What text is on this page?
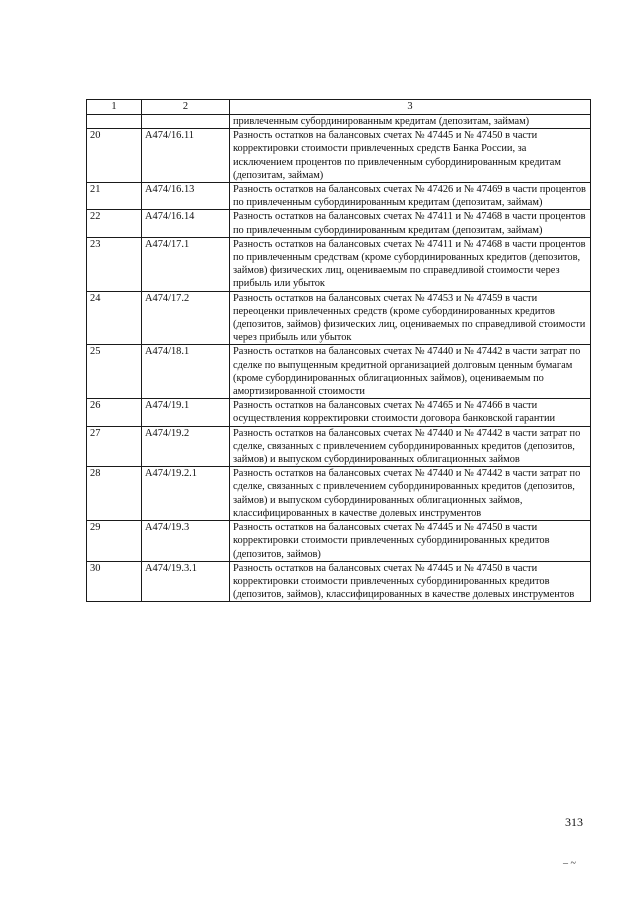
1	2	3
		привлеченным субординированным кредитам (депозитам, займам)
20	А474/16.11	Разность остатков на балансовых счетах № 47445 и № 47450 в части корректировки стоимости привлеченных средств Банка России, за исключением процентов по привлеченным субординированным кредитам (депозитам, займам)
21	А474/16.13	Разность остатков на балансовых счетах № 47426 и № 47469 в части процентов по привлеченным субординированным кредитам (депозитам, займам)
22	А474/16.14	Разность остатков на балансовых счетах № 47411 и № 47468 в части процентов по привлеченным субординированным кредитам (депозитам, займам)
23	А474/17.1	Разность остатков на балансовых счетах № 47411 и № 47468 в части процентов по привлеченным средствам (кроме субординированных кредитов (депозитов, займов) физических лиц, оцениваемым по справедливой стоимости через прибыль или убыток
24	А474/17.2	Разность остатков на балансовых счетах № 47453 и № 47459 в части переоценки привлеченных средств (кроме субординированных кредитов (депозитов, займов) физических лиц, оцениваемых по справедливой стоимости через прибыль или убыток
25	А474/18.1	Разность остатков на балансовых счетах № 47440 и № 47442 в части затрат по сделке по выпущенным кредитной организацией долговым ценным бумагам (кроме субординированных облигационных займов), оцениваемым по амортизированной стоимости
26	А474/19.1	Разность остатков на балансовых счетах № 47465 и № 47466 в части осуществления корректировки стоимости договора банковской гарантии
27	А474/19.2	Разность остатков на балансовых счетах № 47440 и № 47442 в части затрат по сделке, связанных с привлечением субординированных кредитов (депозитов, займов) и выпуском субординированных облигационных займов
28	А474/19.2.1	Разность остатков на балансовых счетах № 47440 и № 47442 в части затрат по сделке, связанных с привлечением субординированных кредитов (депозитов, займов) и выпуском субординированных облигационных займов, классифицированных в качестве долевых инструментов
29	А474/19.3	Разность остатков на балансовых счетах № 47445 и № 47450 в части корректировки стоимости привлеченных субординированных кредитов (депозитов, займов)
30	А474/19.3.1	Разность остатков на балансовых счетах № 47445 и № 47450 в части корректировки стоимости привлеченных субординированных кредитов (депозитов, займов), классифицированных в качестве долевых инструментов
313
– ~
